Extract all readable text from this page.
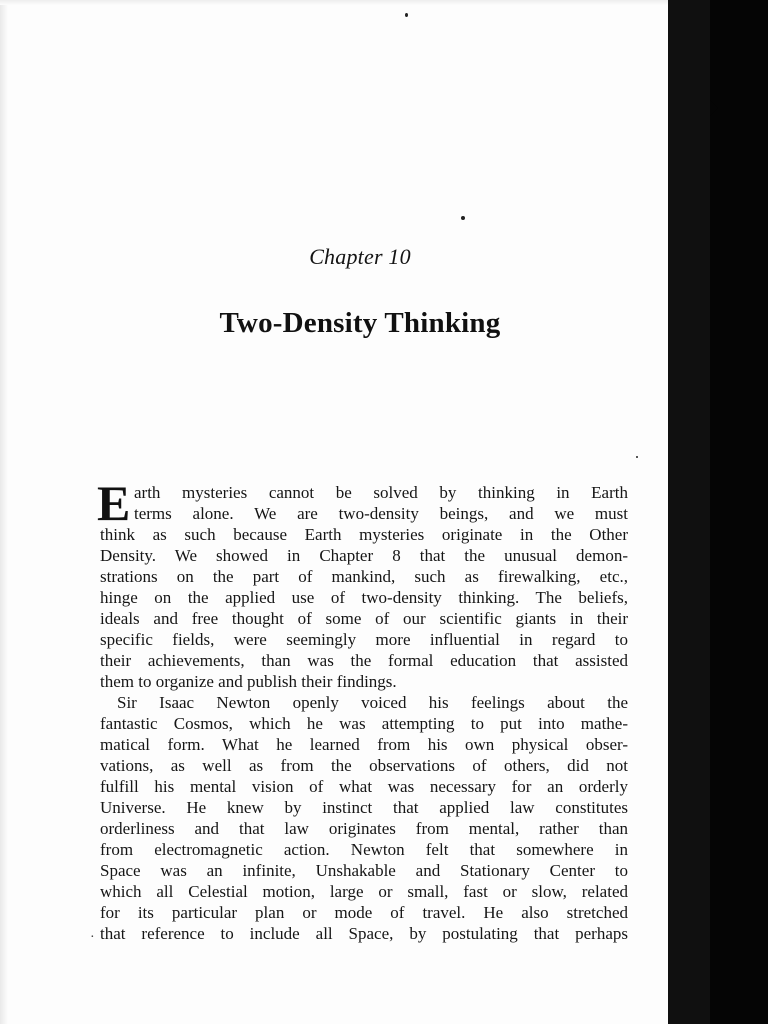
Chapter 10
Two-Density Thinking
E arth mysteries cannot be solved by thinking in Earth
terms alone. We are two-density beings, and we must
think as such because Earth mysteries originate in the Other
Density. We showed in Chapter 8 that the unusual demon-
strations on the part of mankind, such as firewalking, etc.,
hinge on the applied use of two-density thinking. The beliefs,
ideals and free thought of some of our scientific giants in their
specific fields, were seemingly more influential in regard to
their achievements, than was the formal education that assisted
them to organize and publish their findings.
Sir Isaac Newton openly voiced his feelings about the
fantastic Cosmos, which he was attempting to put into mathe-
matical form. What he learned from his own physical obser-
vations, as well as from the observations of others, did not
fulfill his mental vision of what was necessary for an orderly
Universe. He knew by instinct that applied law constitutes
orderliness and that law originates from mental, rather than
from electromagnetic action. Newton felt that somewhere in
Space was an infinite, Unshakable and Stationary Center to
which all Celestial motion, large or small, fast or slow, related
for its particular plan or mode of travel. He also stretched
that reference to include all Space, by postulating that perhaps
·
